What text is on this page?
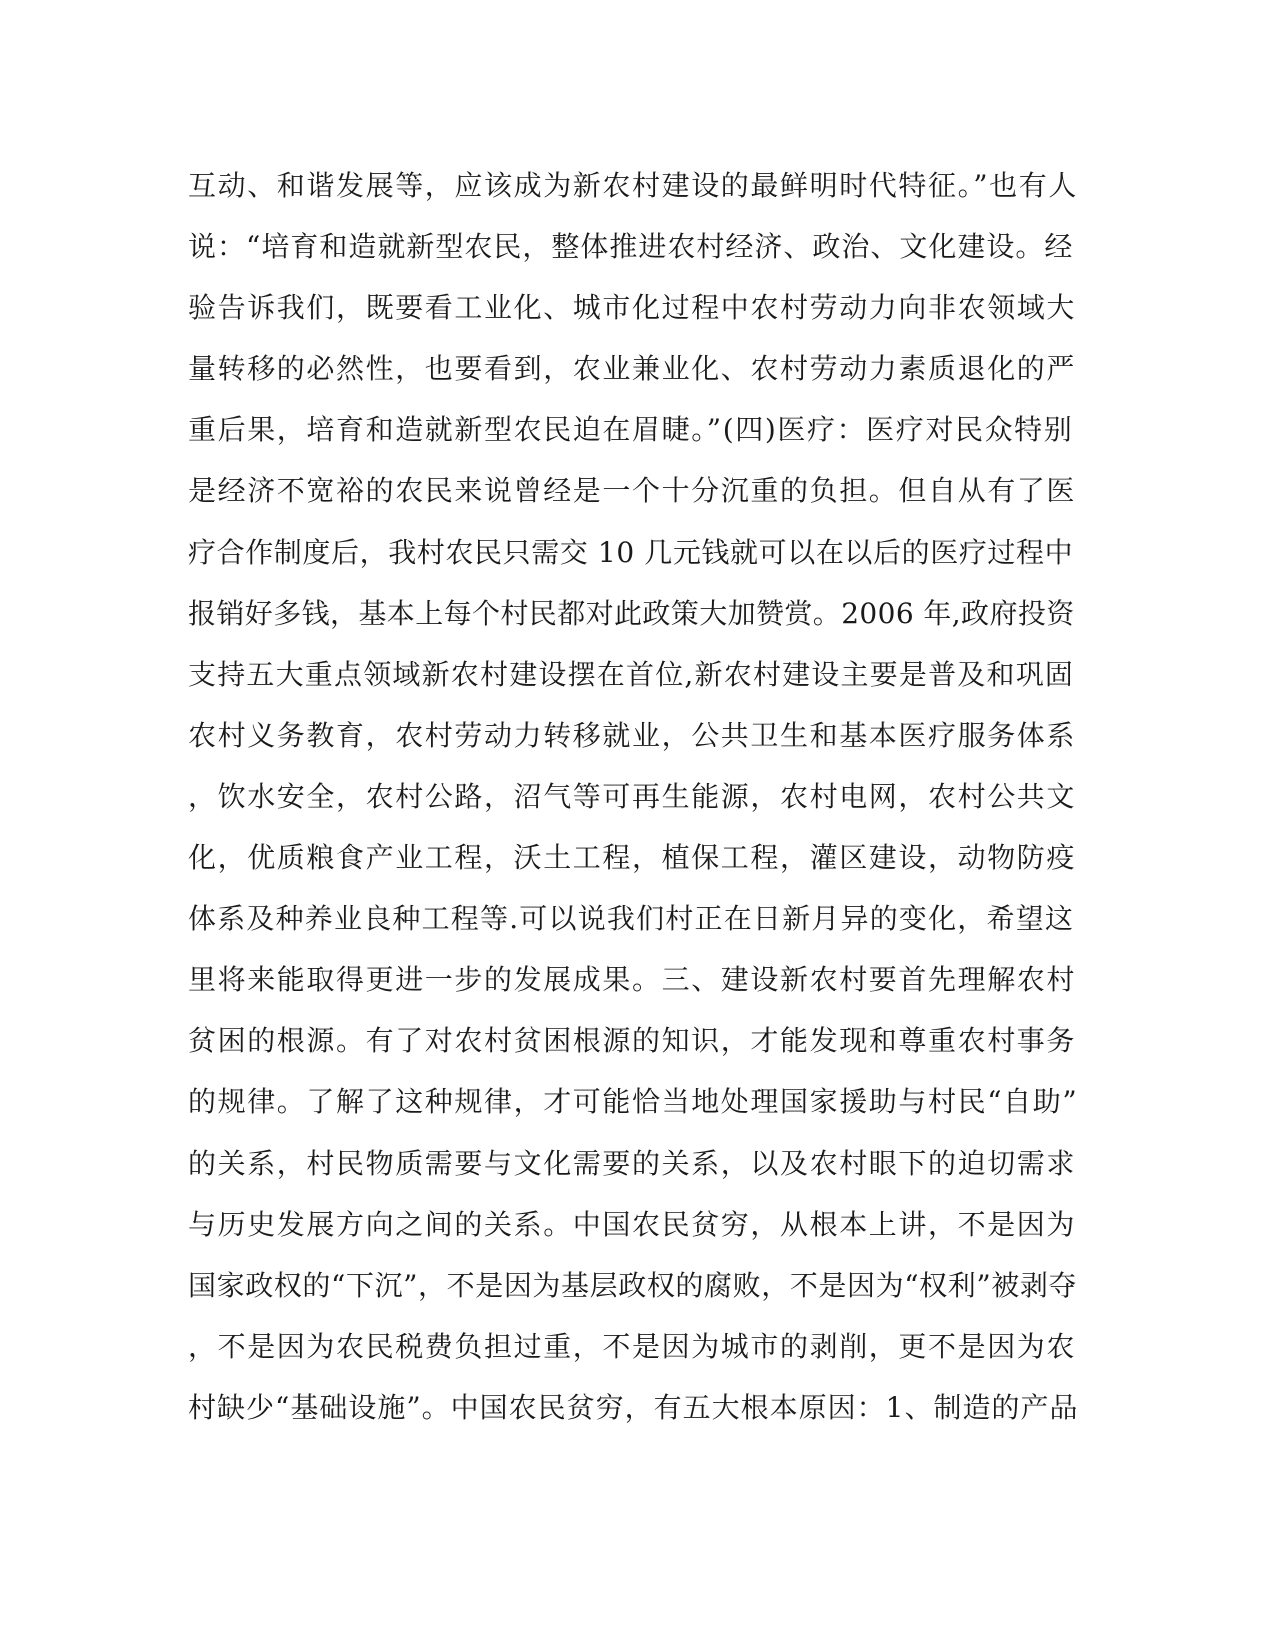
互动、和谐发展等，应该成为新农村建设的最鲜明时代特征。”也有人
说：“培育和造就新型农民，整体推进农村经济、政治、文化建设。经
验告诉我们，既要看工业化、城市化过程中农村劳动力向非农领域大
量转移的必然性，也要看到，农业兼业化、农村劳动力素质退化的严
重后果，培育和造就新型农民迫在眉睫。”(四)医疗：医疗对民众特别
是经济不宽裕的农民来说曾经是一个十分沉重的负担。但自从有了医
疗合作制度后，我村农民只需交 10 几元钱就可以在以后的医疗过程中
报销好多钱，基本上每个村民都对此政策大加赞赏。2006 年,政府投资
支持五大重点领域新农村建设摆在首位,新农村建设主要是普及和巩固
农村义务教育，农村劳动力转移就业，公共卫生和基本医疗服务体系
，饮水安全，农村公路，沼气等可再生能源，农村电网，农村公共文
化，优质粮食产业工程，沃土工程，植保工程，灌区建设，动物防疫
体系及种养业良种工程等.可以说我们村正在日新月异的变化，希望这
里将来能取得更进一步的发展成果。三、建设新农村要首先理解农村
贫困的根源。有了对农村贫困根源的知识，才能发现和尊重农村事务
的规律。了解了这种规律，才可能恰当地处理国家援助与村民“自助”
的关系，村民物质需要与文化需要的关系，以及农村眼下的迫切需求
与历史发展方向之间的关系。中国农民贫穷，从根本上讲，不是因为
国家政权的“下沉”，不是因为基层政权的腐败，不是因为“权利”被剥夺
，不是因为农民税费负担过重，不是因为城市的剥削，更不是因为农
村缺少“基础设施”。中国农民贫穷，有五大根本原因：1、制造的产品
